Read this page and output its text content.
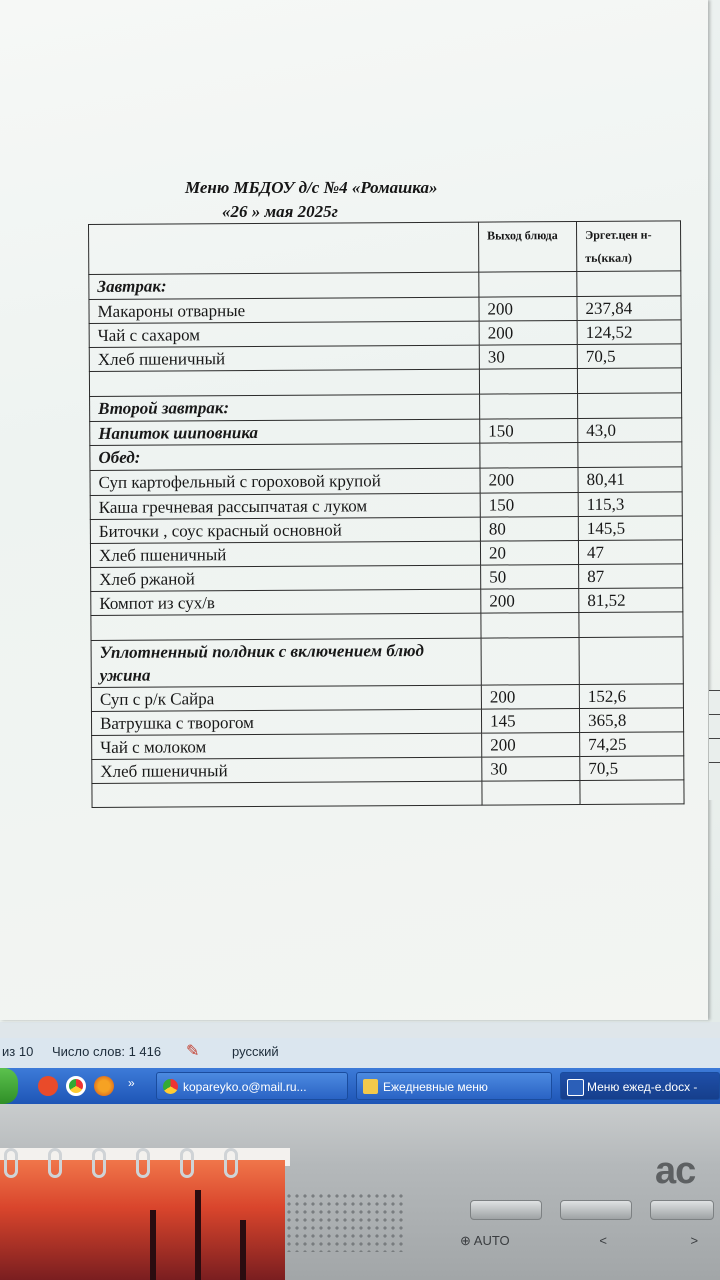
Меню МБДОУ д/с №4 «Ромашка»
«26 » мая 2025г
	Выход блюда	Эргет.цен н-ть(ккал)
Завтрак:		
Макароны отварные	200	237,84
Чай с сахаром	200	124,52
Хлеб пшеничный	30	70,5

Второй завтрак:		
Напиток шиповника	150	43,0
Обед:		
Суп картофельный с гороховой крупой	200	80,41
Каша гречневая рассыпчатая с луком	150	115,3
Биточки , соус красный основной	80	145,5
Хлеб пшеничный	20	47
Хлеб ржаной	50	87
Компот из сух/в	200	81,52

Уплотненный полдник с включением блюд ужина		
Суп с р/к Сайра	200	152,6
Ватрушка с творогом	145	365,8
Чай с молоком	200	74,25
Хлеб пшеничный	30	70,5

из 10 Число слов: 1 416 ✎	русский
»	kopareyko.o@mail.ru...	Ежедневные меню	Меню ежед-е.docx -
ac
⊕ AUTO	<	>
